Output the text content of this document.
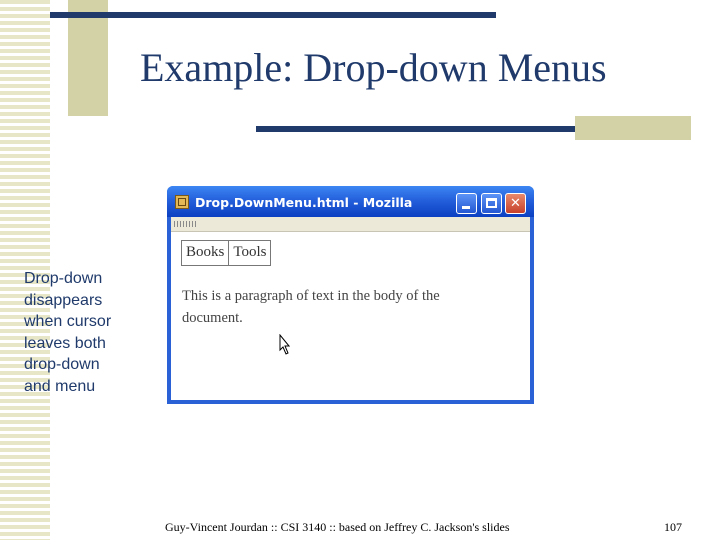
Example: Drop-down Menus
Drop-down
disappears
when cursor
leaves both
drop-down
and menu
Drop.DownMenu.html - Mozilla
✕
Books Tools
This is a paragraph of text in the body of the document.
Guy-Vincent Jourdan :: CSI 3140 :: based on Jeffrey C. Jackson's slides	107
